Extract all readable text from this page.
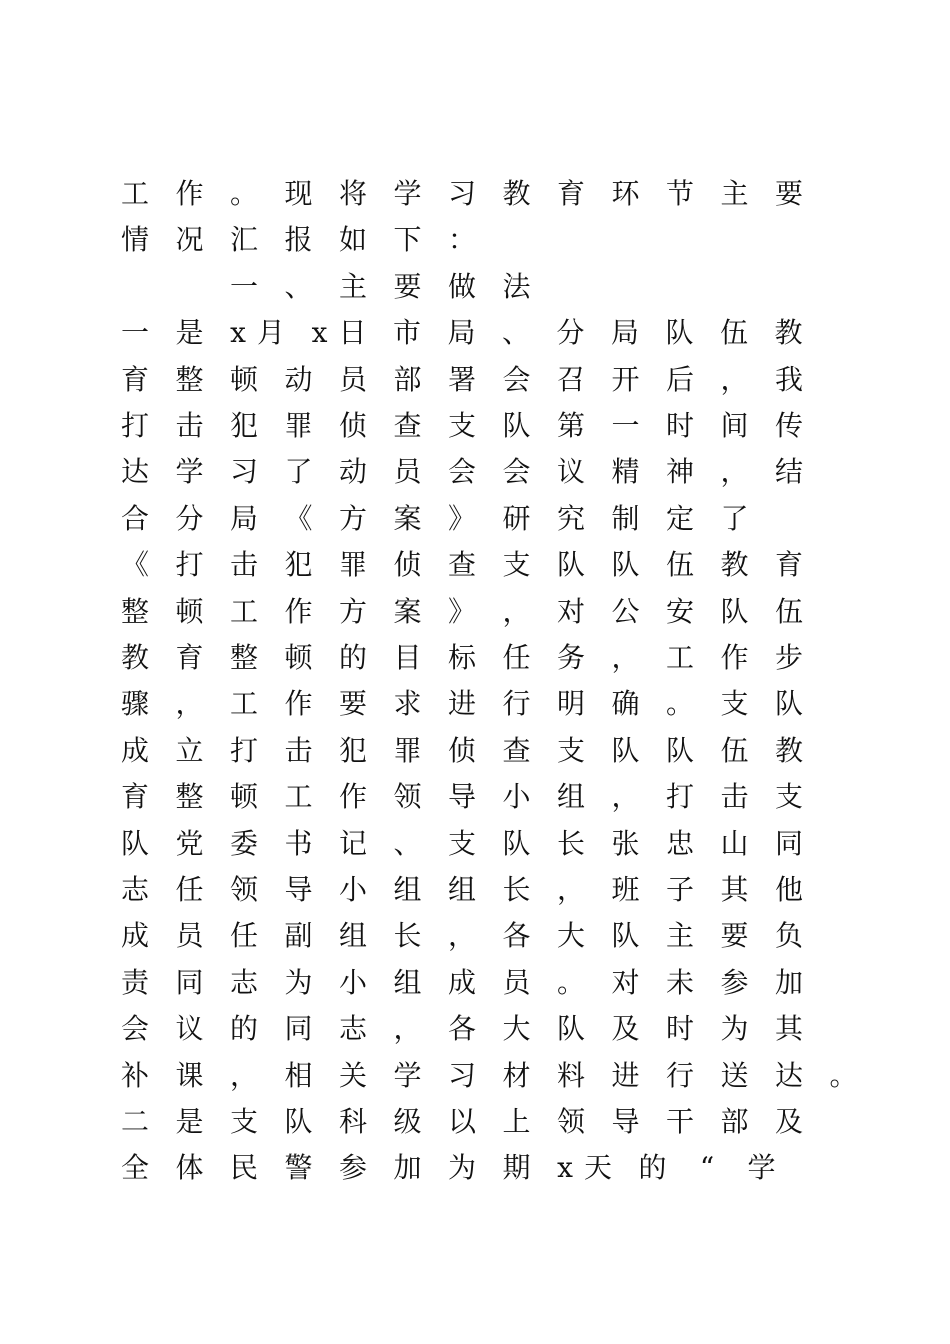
工 作 。 现 将 学 习 教 育 环 节 主 要
情 况 汇 报 如 下 ：
一 、 主 要 做 法
一 是 x 月 x 日 市 局 、 分 局 队 伍 教
育 整 顿 动 员 部 署 会 召 开 后 ， 我
打 击 犯 罪 侦 查 支 队 第 一 时 间 传
达 学 习 了 动 员 会 会 议 精 神 ， 结
合 分 局 《 方 案 》 研 究 制 定 了
《 打 击 犯 罪 侦 查 支 队 队 伍 教 育
整 顿 工 作 方 案 》 ， 对 公 安 队 伍
教 育 整 顿 的 目 标 任 务 ， 工 作 步
骤 ， 工 作 要 求 进 行 明 确 。 支 队
成 立 打 击 犯 罪 侦 查 支 队 队 伍 教
育 整 顿 工 作 领 导 小 组 ， 打 击 支
队 党 委 书 记 、 支 队 长 张 忠 山 同
志 任 领 导 小 组 组 长 ， 班 子 其 他
成 员 任 副 组 长 ， 各 大 队 主 要 负
责 同 志 为 小 组 成 员 。 对 未 参 加
会 议 的 同 志 ， 各 大 队 及 时 为 其
补 课 ， 相 关 学 习 材 料 进 行 送 达 。
二 是 支 队 科 级 以 上 领 导 干 部 及
全 体 民 警 参 加 为 期 x 天 的	“	学
